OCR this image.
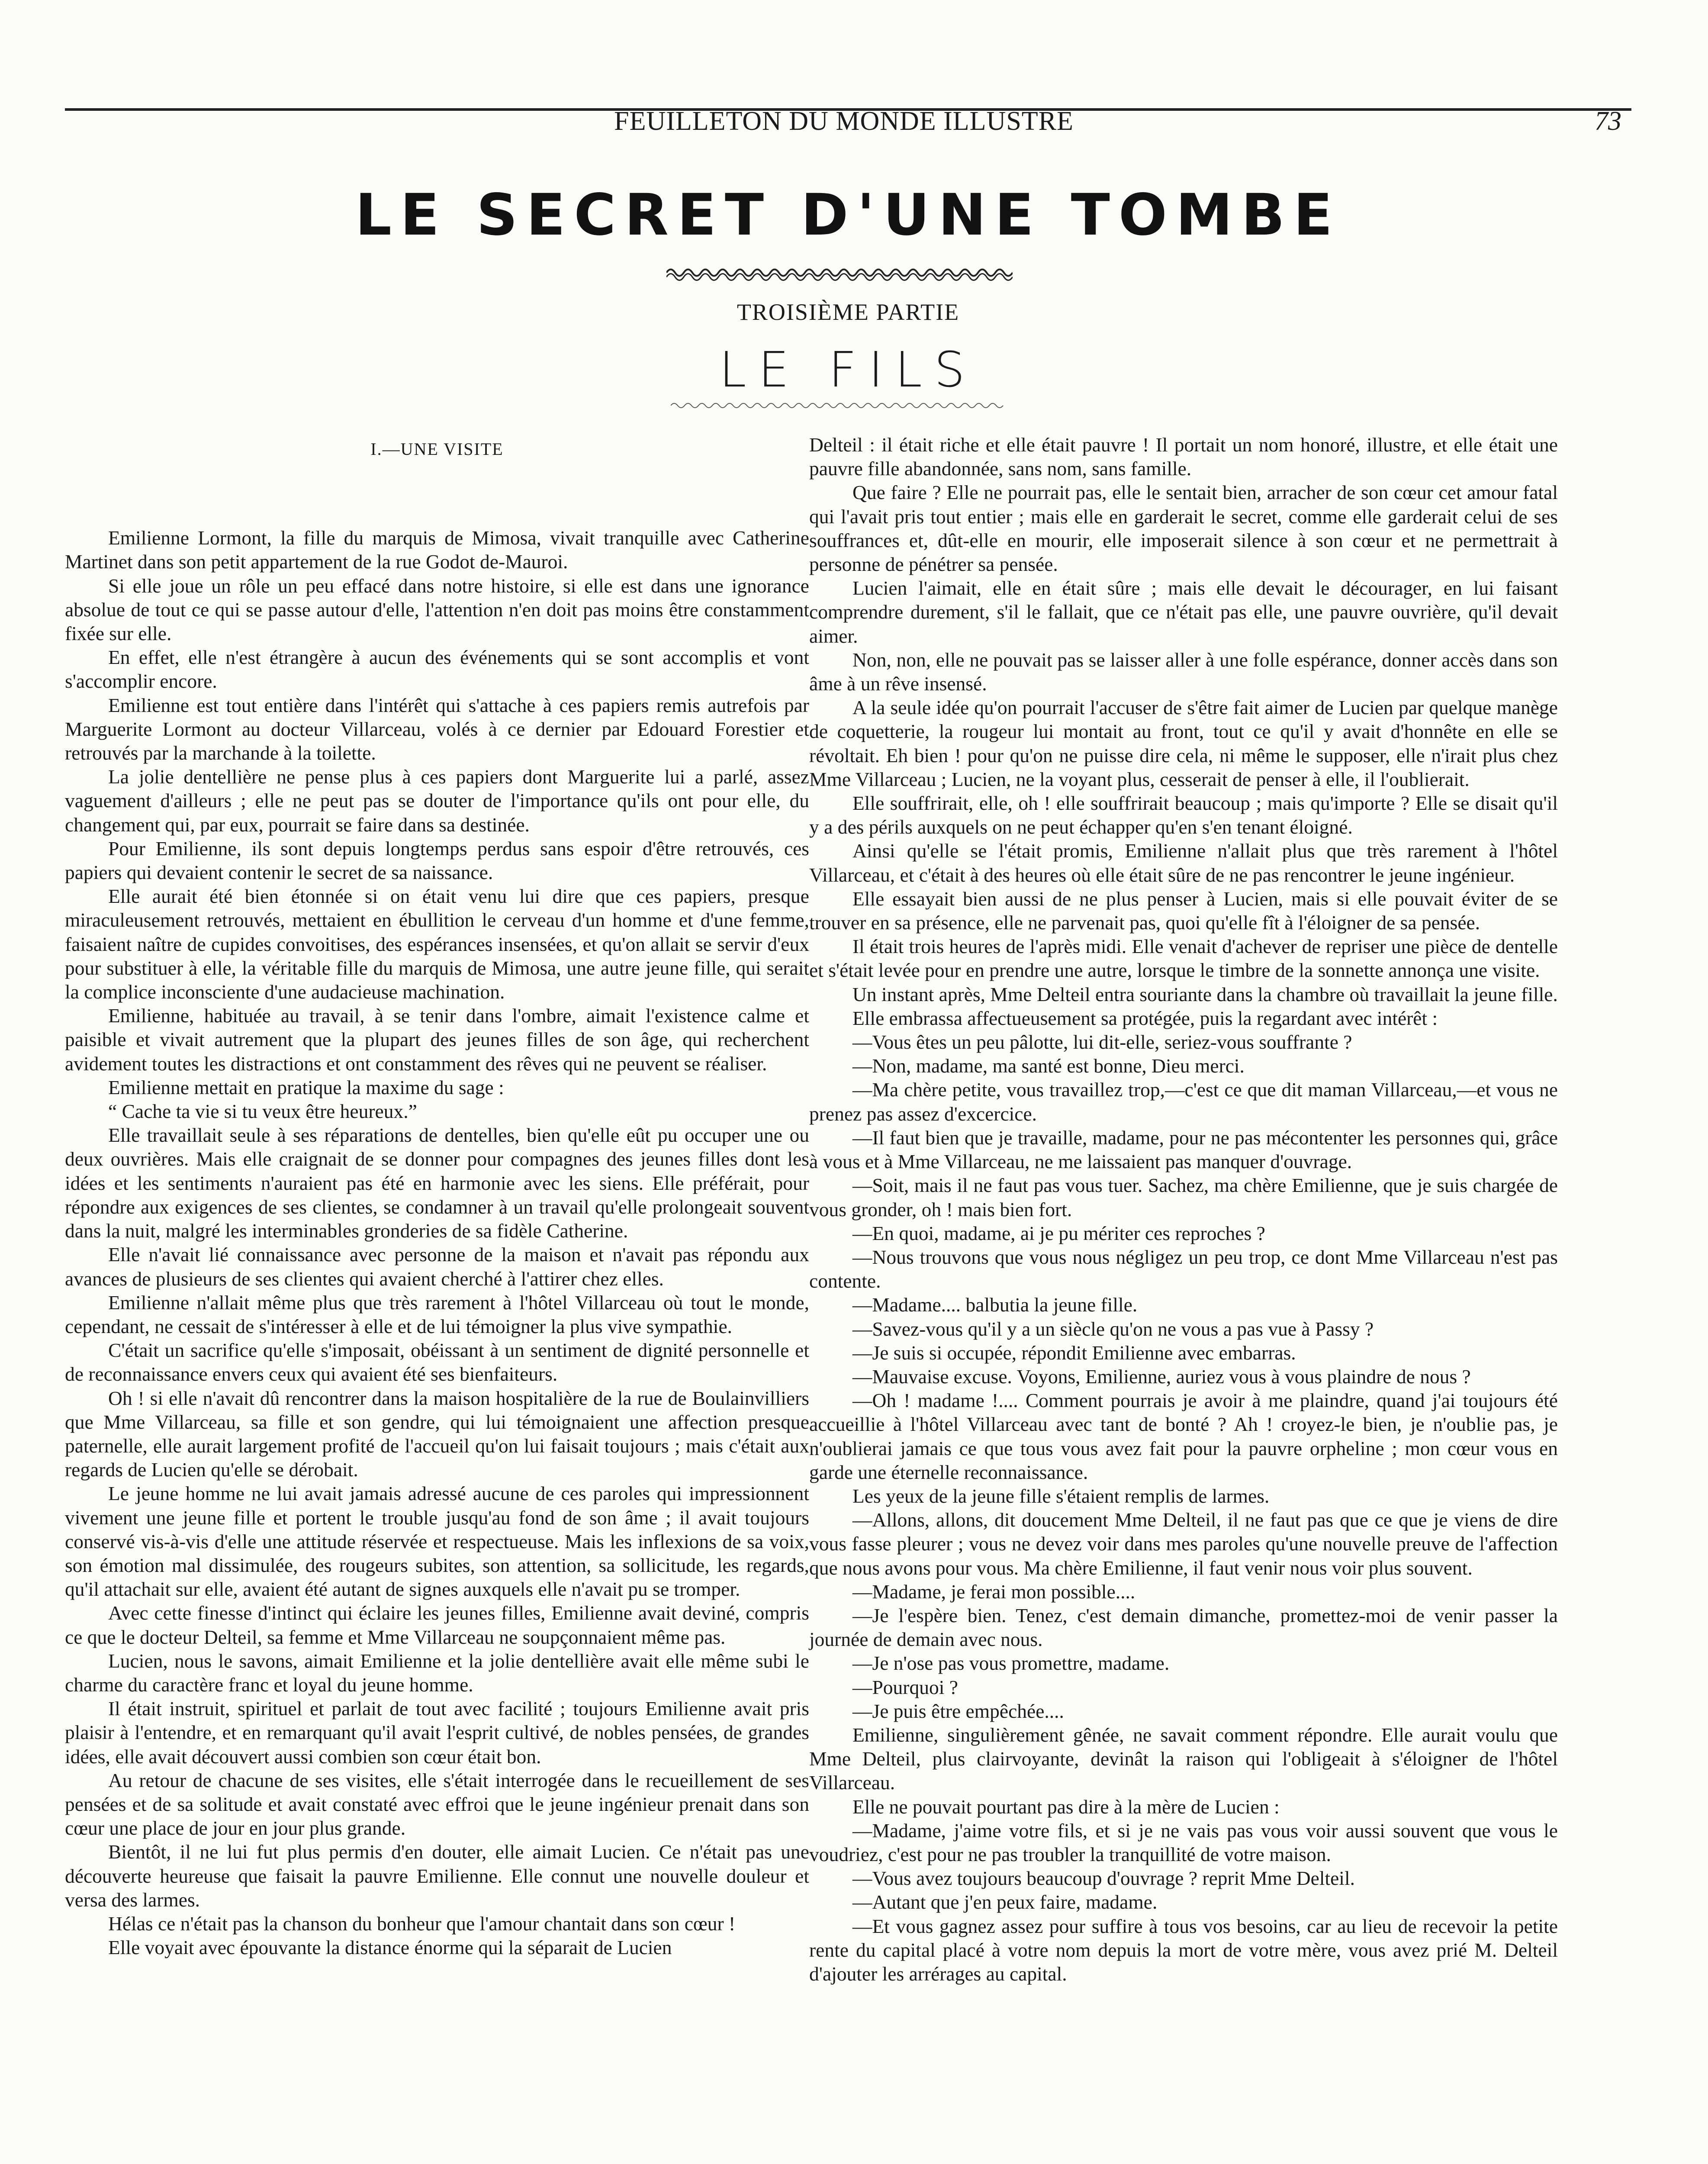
FEUILLETON DU MONDE ILLUSTRE	73
LE SECRET D'UNE TOMBE
TROISIÈME PARTIE
LE FILS

I.—UNE VISITE

Emilienne Lormont, la fille du marquis de Mimosa, vivait tranquille avec Catherine Martinet dans son petit appartement de la rue Godot de-Mauroi.

Si elle joue un rôle un peu effacé dans notre histoire, si elle est dans une ignorance absolue de tout ce qui se passe autour d'elle, l'attention n'en doit pas moins être constamment fixée sur elle.

En effet, elle n'est étrangère à aucun des événements qui se sont accomplis et vont s'accomplir encore.

Emilienne est tout entière dans l'intérêt qui s'attache à ces papiers remis autrefois par Marguerite Lormont au docteur Villarceau, volés à ce dernier par Edouard Forestier et retrouvés par la marchande à la toilette.

La jolie dentellière ne pense plus à ces papiers dont Marguerite lui a parlé, assez vaguement d'ailleurs ; elle ne peut pas se douter de l'importance qu'ils ont pour elle, du changement qui, par eux, pourrait se faire dans sa destinée.

Pour Emilienne, ils sont depuis longtemps perdus sans espoir d'être retrouvés, ces papiers qui devaient contenir le secret de sa naissance.

Elle aurait été bien étonnée si on était venu lui dire que ces papiers, presque miraculeusement retrouvés, mettaient en ébullition le cerveau d'un homme et d'une femme, faisaient naître de cupides convoitises, des espérances insensées, et qu'on allait se servir d'eux pour substituer à elle, la véritable fille du marquis de Mimosa, une autre jeune fille, qui serait la complice inconsciente d'une audacieuse machination.

Emilienne, habituée au travail, à se tenir dans l'ombre, aimait l'existence calme et paisible et vivait autrement que la plupart des jeunes filles de son âge, qui recherchent avidement toutes les distractions et ont constamment des rêves qui ne peuvent se réaliser.

Emilienne mettait en pratique la maxime du sage :

“ Cache ta vie si tu veux être heureux.”

Elle travaillait seule à ses réparations de dentelles, bien qu'elle eût pu occuper une ou deux ouvrières. Mais elle craignait de se donner pour compagnes des jeunes filles dont les idées et les sentiments n'auraient pas été en harmonie avec les siens. Elle préférait, pour répondre aux exigences de ses clientes, se condamner à un travail qu'elle prolongeait souvent dans la nuit, malgré les interminables gronderies de sa fidèle Catherine.

Elle n'avait lié connaissance avec personne de la maison et n'avait pas répondu aux avances de plusieurs de ses clientes qui avaient cherché à l'attirer chez elles.

Emilienne n'allait même plus que très rarement à l'hôtel Villarceau où tout le monde, cependant, ne cessait de s'intéresser à elle et de lui témoigner la plus vive sympathie.

C'était un sacrifice qu'elle s'imposait, obéissant à un sentiment de dignité personnelle et de reconnaissance envers ceux qui avaient été ses bienfaiteurs.

Oh ! si elle n'avait dû rencontrer dans la maison hospitalière de la rue de Boulainvilliers que Mme Villarceau, sa fille et son gendre, qui lui témoignaient une affection presque paternelle, elle aurait largement profité de l'accueil qu'on lui faisait toujours ; mais c'était aux regards de Lucien qu'elle se dérobait.

Le jeune homme ne lui avait jamais adressé aucune de ces paroles qui impressionnent vivement une jeune fille et portent le trouble jusqu'au fond de son âme ; il avait toujours conservé vis-à-vis d'elle une attitude réservée et respectueuse. Mais les inflexions de sa voix, son émotion mal dissimulée, des rougeurs subites, son attention, sa sollicitude, les regards, qu'il attachait sur elle, avaient été autant de signes auxquels elle n'avait pu se tromper.

Avec cette finesse d'intinct qui éclaire les jeunes filles, Emilienne avait deviné, compris ce que le docteur Delteil, sa femme et Mme Villarceau ne soupçonnaient même pas.

Lucien, nous le savons, aimait Emilienne et la jolie dentellière avait elle même subi le charme du caractère franc et loyal du jeune homme.

Il était instruit, spirituel et parlait de tout avec facilité ; toujours Emilienne avait pris plaisir à l'entendre, et en remarquant qu'il avait l'esprit cultivé, de nobles pensées, de grandes idées, elle avait découvert aussi combien son cœur était bon.

Au retour de chacune de ses visites, elle s'était interrogée dans le recueillement de ses pensées et de sa solitude et avait constaté avec effroi que le jeune ingénieur prenait dans son cœur une place de jour en jour plus grande.

Bientôt, il ne lui fut plus permis d'en douter, elle aimait Lucien. Ce n'était pas une découverte heureuse que faisait la pauvre Emilienne. Elle connut une nouvelle douleur et versa des larmes.

Hélas ce n'était pas la chanson du bonheur que l'amour chantait dans son cœur !

Elle voyait avec épouvante la distance énorme qui la séparait de Lucien

Delteil : il était riche et elle était pauvre ! Il portait un nom honoré, illustre, et elle était une pauvre fille abandonnée, sans nom, sans famille.

Que faire ? Elle ne pourrait pas, elle le sentait bien, arracher de son cœur cet amour fatal qui l'avait pris tout entier ; mais elle en garderait le secret, comme elle garderait celui de ses souffrances et, dût-elle en mourir, elle imposerait silence à son cœur et ne permettrait à personne de pénétrer sa pensée.

Lucien l'aimait, elle en était sûre ; mais elle devait le décourager, en lui faisant comprendre durement, s'il le fallait, que ce n'était pas elle, une pauvre ouvrière, qu'il devait aimer.

Non, non, elle ne pouvait pas se laisser aller à une folle espérance, donner accès dans son âme à un rêve insensé.

A la seule idée qu'on pourrait l'accuser de s'être fait aimer de Lucien par quelque manège de coquetterie, la rougeur lui montait au front, tout ce qu'il y avait d'honnête en elle se révoltait. Eh bien ! pour qu'on ne puisse dire cela, ni même le supposer, elle n'irait plus chez Mme Villarceau ; Lucien, ne la voyant plus, cesserait de penser à elle, il l'oublierait.

Elle souffrirait, elle, oh ! elle souffrirait beaucoup ; mais qu'importe ? Elle se disait qu'il y a des périls auxquels on ne peut échapper qu'en s'en tenant éloigné.

Ainsi qu'elle se l'était promis, Emilienne n'allait plus que très rarement à l'hôtel Villarceau, et c'était à des heures où elle était sûre de ne pas rencontrer le jeune ingénieur.

Elle essayait bien aussi de ne plus penser à Lucien, mais si elle pouvait éviter de se trouver en sa présence, elle ne parvenait pas, quoi qu'elle fît à l'éloigner de sa pensée.

Il était trois heures de l'après midi. Elle venait d'achever de repriser une pièce de dentelle et s'était levée pour en prendre une autre, lorsque le timbre de la sonnette annonça une visite.

Un instant après, Mme Delteil entra souriante dans la chambre où travaillait la jeune fille.

Elle embrassa affectueusement sa protégée, puis la regardant avec intérêt :

—Vous êtes un peu pâlotte, lui dit-elle, seriez-vous souffrante ?

—Non, madame, ma santé est bonne, Dieu merci.

—Ma chère petite, vous travaillez trop,—c'est ce que dit maman Villarceau,—et vous ne prenez pas assez d'excercice.

—Il faut bien que je travaille, madame, pour ne pas mécontenter les personnes qui, grâce à vous et à Mme Villarceau, ne me laissaient pas manquer d'ouvrage.

—Soit, mais il ne faut pas vous tuer. Sachez, ma chère Emilienne, que je suis chargée de vous gronder, oh ! mais bien fort.

—En quoi, madame, ai je pu mériter ces reproches ?

—Nous trouvons que vous nous négligez un peu trop, ce dont Mme Villarceau n'est pas contente.

—Madame.... balbutia la jeune fille.

—Savez-vous qu'il y a un siècle qu'on ne vous a pas vue à Passy ?

—Je suis si occupée, répondit Emilienne avec embarras.

—Mauvaise excuse. Voyons, Emilienne, auriez vous à vous plaindre de nous ?

—Oh ! madame !.... Comment pourrais je avoir à me plaindre, quand j'ai toujours été accueillie à l'hôtel Villarceau avec tant de bonté ? Ah ! croyez-le bien, je n'oublie pas, je n'oublierai jamais ce que tous vous avez fait pour la pauvre orpheline ; mon cœur vous en garde une éternelle reconnaissance.

Les yeux de la jeune fille s'étaient remplis de larmes.

—Allons, allons, dit doucement Mme Delteil, il ne faut pas que ce que je viens de dire vous fasse pleurer ; vous ne devez voir dans mes paroles qu'une nouvelle preuve de l'affection que nous avons pour vous. Ma chère Emilienne, il faut venir nous voir plus souvent.

—Madame, je ferai mon possible....

—Je l'espère bien. Tenez, c'est demain dimanche, promettez-moi de venir passer la journée de demain avec nous.

—Je n'ose pas vous promettre, madame.

—Pourquoi ?

—Je puis être empêchée....

Emilienne, singulièrement gênée, ne savait comment répondre. Elle aurait voulu que Mme Delteil, plus clairvoyante, devinât la raison qui l'obligeait à s'éloigner de l'hôtel Villarceau.

Elle ne pouvait pourtant pas dire à la mère de Lucien :

—Madame, j'aime votre fils, et si je ne vais pas vous voir aussi souvent que vous le voudriez, c'est pour ne pas troubler la tranquillité de votre maison.

—Vous avez toujours beaucoup d'ouvrage ? reprit Mme Delteil.

—Autant que j'en peux faire, madame.

—Et vous gagnez assez pour suffire à tous vos besoins, car au lieu de recevoir la petite rente du capital placé à votre nom depuis la mort de votre mère, vous avez prié M. Delteil d'ajouter les arrérages au capital.
